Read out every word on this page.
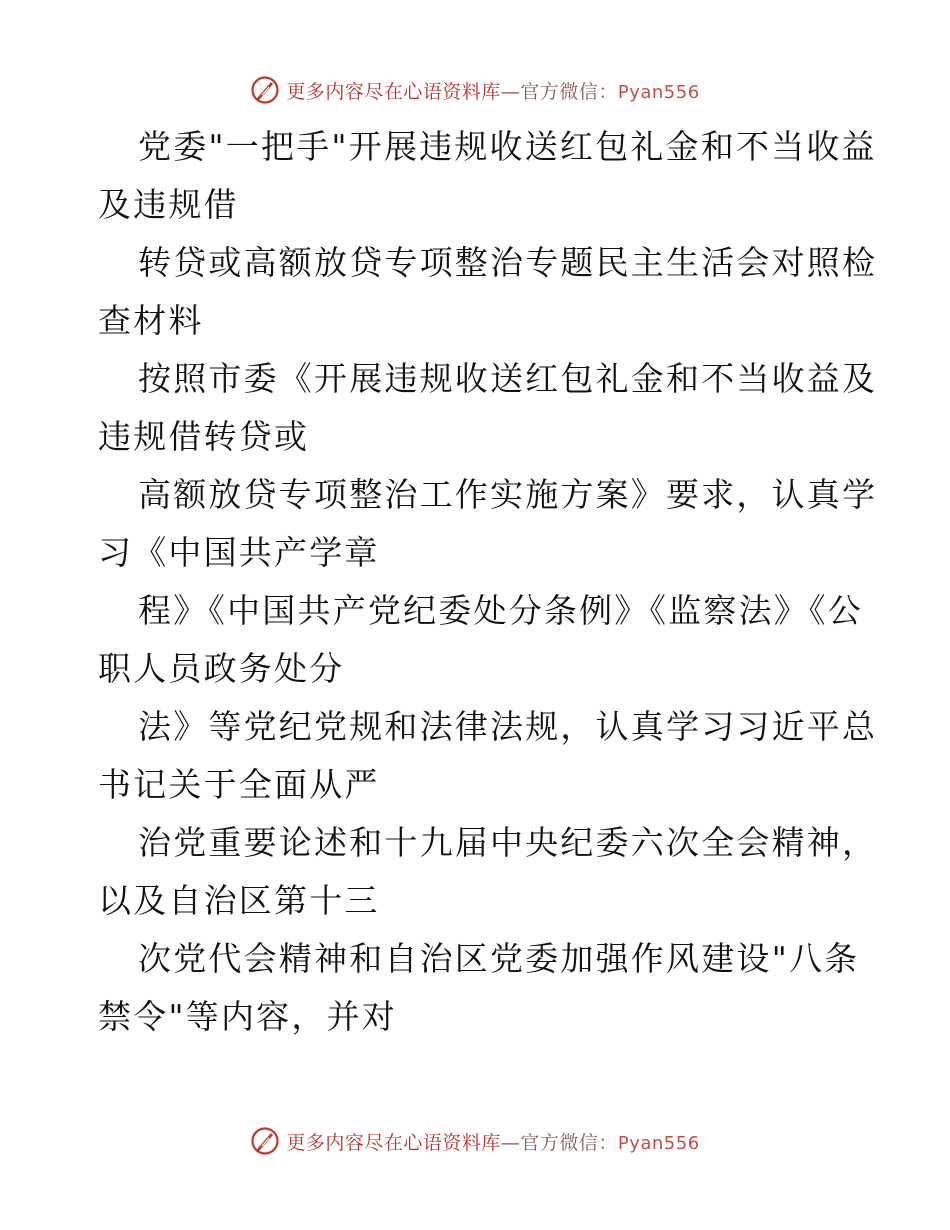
更多内容尽在心语资料库—官方微信：Pyan556

党委"一把手"开展违规收送红包礼金和不当收益及违规借

转贷或高额放贷专项整治专题民主生活会对照检查材料

按照市委《开展违规收送红包礼金和不当收益及违规借转贷或

高额放贷专项整治工作实施方案》要求，认真学习《中国共产学章

程》《中国共产党纪委处分条例》《监察法》《公职人员政务处分

法》等党纪党规和法律法规，认真学习习近平总书记关于全面从严

治党重要论述和十九届中央纪委六次全会精神，以及自治区第十三

次党代会精神和自治区党委加强作风建设"八条禁令"等内容，并对

更多内容尽在心语资料库—官方微信：Pyan556
